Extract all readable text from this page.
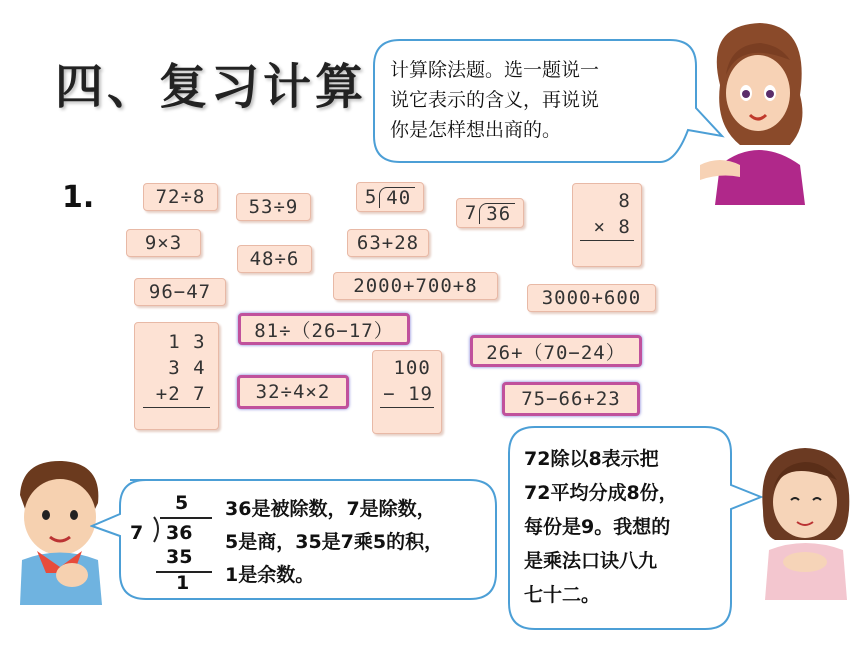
四、复习计算 计算除法题。选一题说一
说它表示的含义，再说说
你是怎样想出商的。
1.	72÷8	53÷9	5 40
7 36
8
× 8
9×3
48÷6
63+28
96−47	2000+700+8
3000+600
1 3
3 4
+2 7
81÷（26−17）
26+（70−24）
32÷4×2
100
− 19	75−66+23
5
7 36
35
1
36是被除数，7是除数，
5是商，35是7乘5的积，
1是余数。
72除以8表示把
72平均分成8份，
每份是9。我想的
是乘法口诀八九
七十二。
